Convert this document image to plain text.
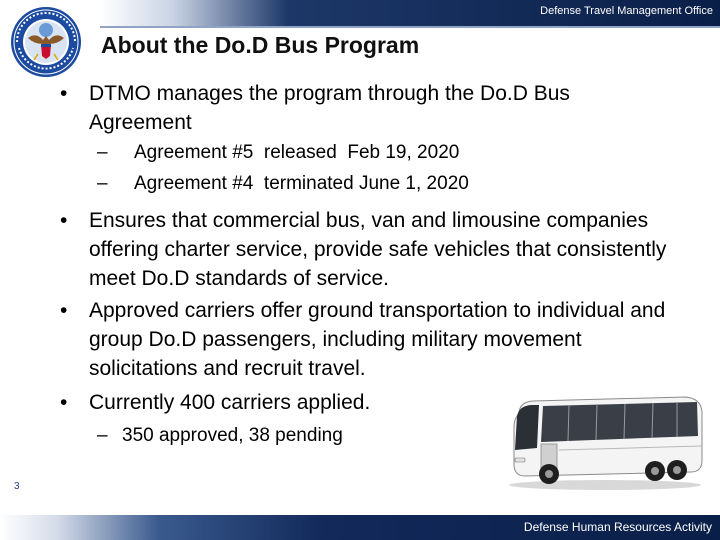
Defense Travel Management Office
About the Do.D Bus Program
• DTMO manages the program through the Do.D Bus Agreement

–

Agreement #5  released  Feb 19, 2020

–

Agreement #4  terminated June 1, 2020

• Ensures that commercial bus, van and limousine companies offering charter service, provide safe vehicles that consistently meet Do.D standards of service.
• Approved carriers offer ground transportation to individual and group Do.D passengers, including military movement solicitations and recruit travel.
• Currently 400 carriers applied.

–

350 approved, 38 pending

3
Defense Human Resources Activity
